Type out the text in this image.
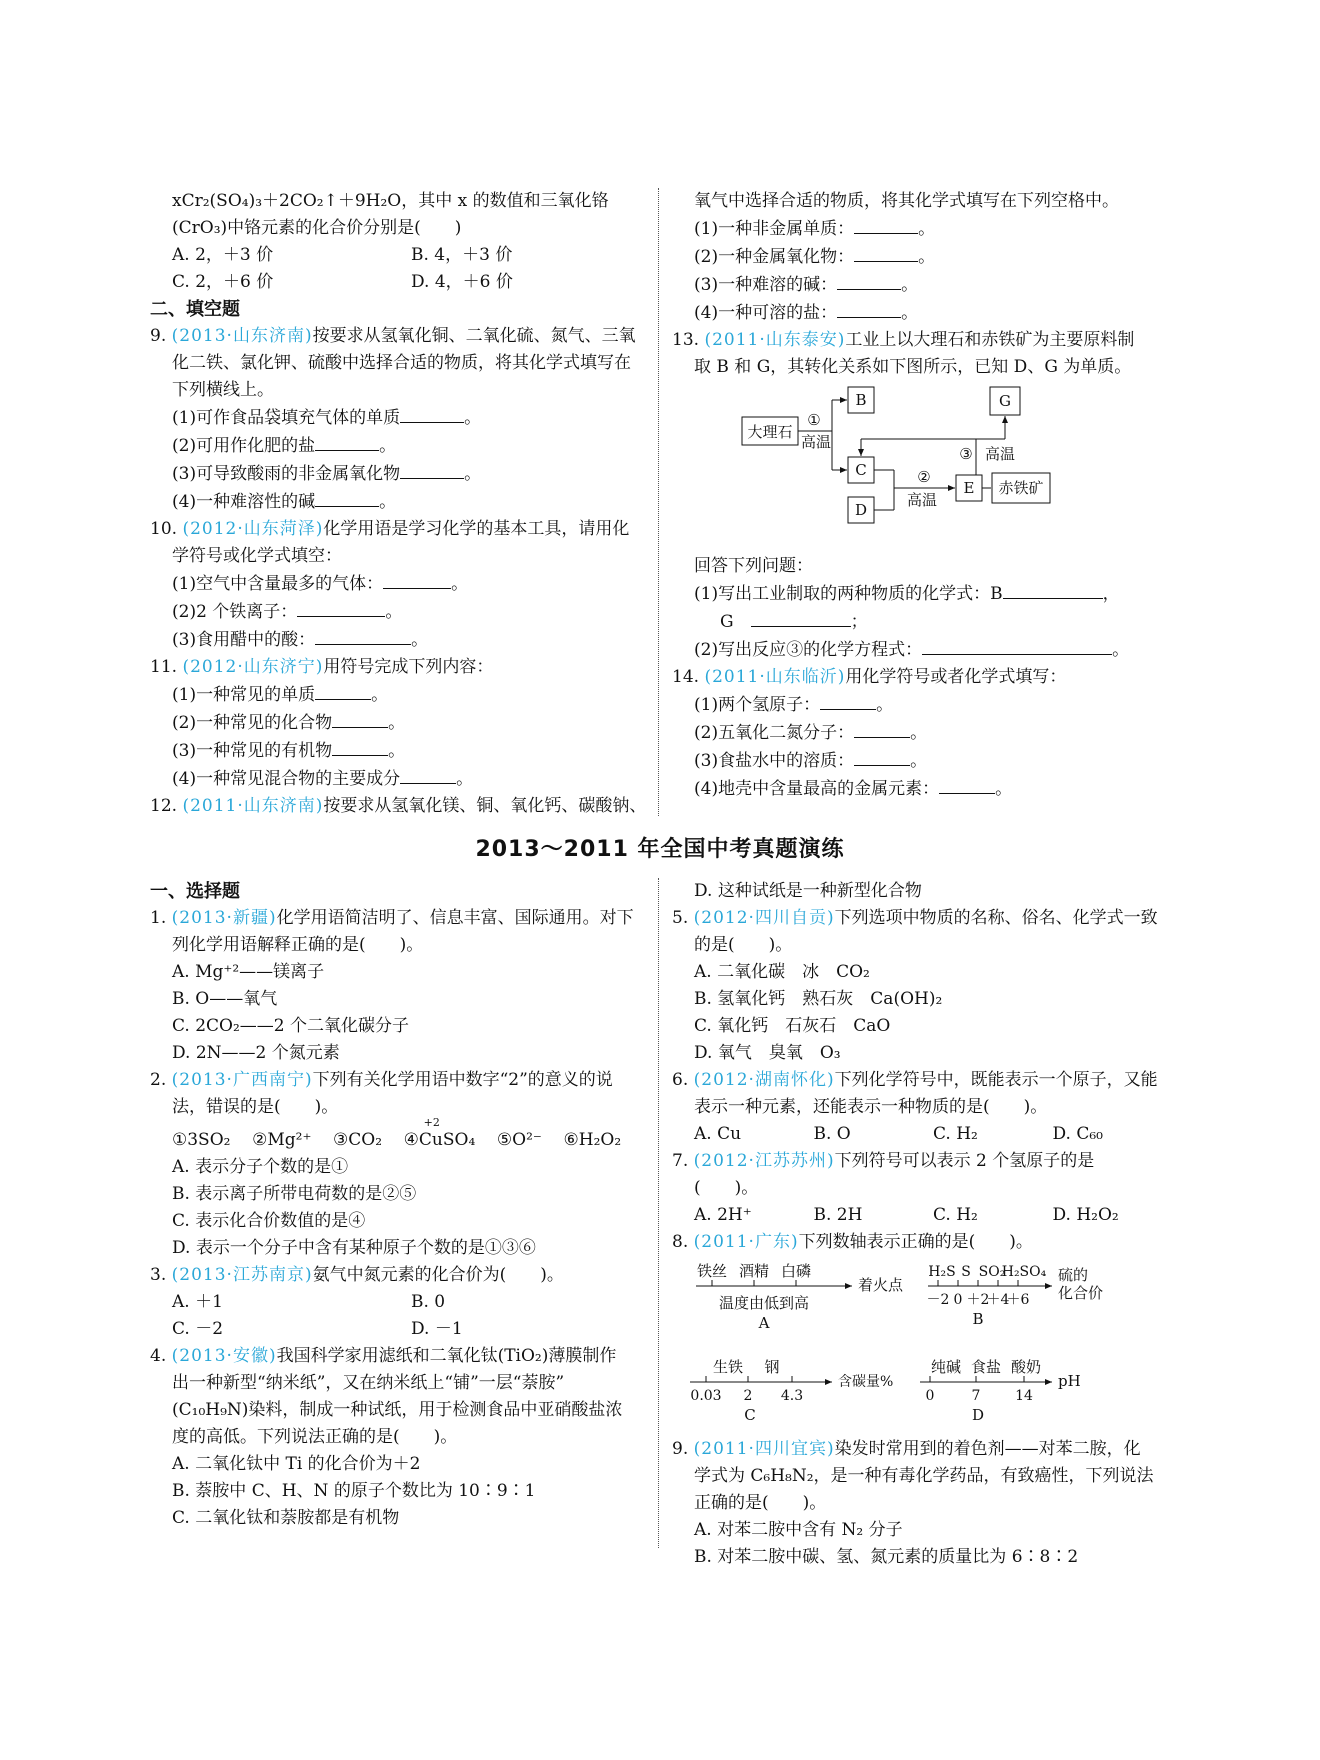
xCr₂(SO₄)₃＋2CO₂↑＋9H₂O，其中 x 的数值和三氧化铬
(CrO₃)中铬元素的化合价分别是(　　)
A. 2，＋3 价	B. 4，＋3 价
C. 2，＋6 价	D. 4，＋6 价
二、填空题
9. (2013·山东济南)按要求从氢氧化铜、二氧化硫、氮气、三氧
化二铁、氯化钾、硫酸中选择合适的物质，将其化学式填写在
下列横线上。
(1)可作食品袋填充气体的单质	。
(2)可用作化肥的盐	。
(3)可导致酸雨的非金属氧化物	。
(4)一种难溶性的碱	。
10. (2012·山东菏泽)化学用语是学习化学的基本工具，请用化
学符号或化学式填空：
(1)空气中含量最多的气体：	。
(2)2 个铁离子：	。
(3)食用醋中的酸：	。
11. (2012·山东济宁)用符号完成下列内容：
(1)一种常见的单质	。
(2)一种常见的化合物	。
(3)一种常见的有机物	。
(4)一种常见混合物的主要成分	。
12. (2011·山东济南)按要求从氢氧化镁、铜、氧化钙、碳酸钠、
氧气中选择合适的物质，将其化学式填写在下列空格中。
(1)一种非金属单质：	。
(2)一种金属氧化物：	。
(3)一种难溶的碱：	。
(4)一种可溶的盐：	。
13. (2011·山东泰安)工业上以大理石和赤铁矿为主要原料制
取 B 和 G，其转化关系如下图所示，已知 D、G 为单质。
大理石
B
C
D
E
G
赤铁矿
①
高温
②
高温
③ 高温
回答下列问题：
(1)写出工业制取的两种物质的化学式：B	，
G　	；
(2)写出反应③的化学方程式：	。
14. (2011·山东临沂)用化学符号或者化学式填写：
(1)两个氢原子：	。
(2)五氧化二氮分子：	。
(3)食盐水中的溶质：	。
(4)地壳中含量最高的金属元素：	。
2013～2011 年全国中考真题演练
一、选择题
1. (2013·新疆)化学用语简洁明了、信息丰富、国际通用。对下
列化学用语解释正确的是(　　)。
A. Mg⁺²——镁离子
B. O——氧气
C. 2CO₂——2 个二氧化碳分子
D. 2N——2 个氮元素
2. (2013·广西南宁)下列有关化学用语中数字“2”的意义的说
法，错误的是(　　)。
①3SO₂ ②Mg²⁺ ③CO₂
+2
④CuSO₄ ⑤O²⁻ ⑥H₂O₂
A. 表示分子个数的是①
B. 表示离子所带电荷数的是②⑤
C. 表示化合价数值的是④
D. 表示一个分子中含有某种原子个数的是①③⑥
3. (2013·江苏南京)氨气中氮元素的化合价为(　　)。
A. ＋1	B. 0
C. －2	D. －1
4. (2013·安徽)我国科学家用滤纸和二氧化钛(TiO₂)薄膜制作
出一种新型“纳米纸”，又在纳米纸上“铺”一层“萘胺”
(C₁₀H₉N)染料，制成一种试纸，用于检测食品中亚硝酸盐浓
度的高低。下列说法正确的是(　　)。
A. 二氧化钛中 Ti 的化合价为＋2
B. 萘胺中 C、H、N 的原子个数比为 10∶9∶1
C. 二氧化钛和萘胺都是有机物
D. 这种试纸是一种新型化合物
5. (2012·四川自贡)下列选项中物质的名称、俗名、化学式一致
的是(　　)。
A. 二氧化碳　冰　CO₂
B. 氢氧化钙　熟石灰　Ca(OH)₂
C. 氧化钙　石灰石　CaO
D. 氧气　臭氧　O₃
6. (2012·湖南怀化)下列化学符号中，既能表示一个原子，又能
表示一种元素，还能表示一种物质的是(　　)。
A. Cu	B. O	C. H₂	D. C₆₀
7. (2012·江苏苏州)下列符号可以表示 2 个氢原子的是
(　　)。
A. 2H⁺	B. 2H	C. H₂	D. H₂O₂
8. (2011·广东)下列数轴表示正确的是(　　)。
铁丝 酒精 白磷
着火点
温度由低到高
A
H₂S S SO₂
H₂SO₄ 硫的
化合价
－2 0 ＋2
＋4
＋6
B
生铁 钢
含碳量%
0.03 2 4.3
C
纯碱 食盐 酸奶
pH
0	7 14
D
9. (2011·四川宜宾)染发时常用到的着色剂——对苯二胺，化
学式为 C₆H₈N₂，是一种有毒化学药品，有致癌性，下列说法
正确的是(　　)。
A. 对苯二胺中含有 N₂ 分子
B. 对苯二胺中碳、氢、氮元素的质量比为 6∶8∶2
